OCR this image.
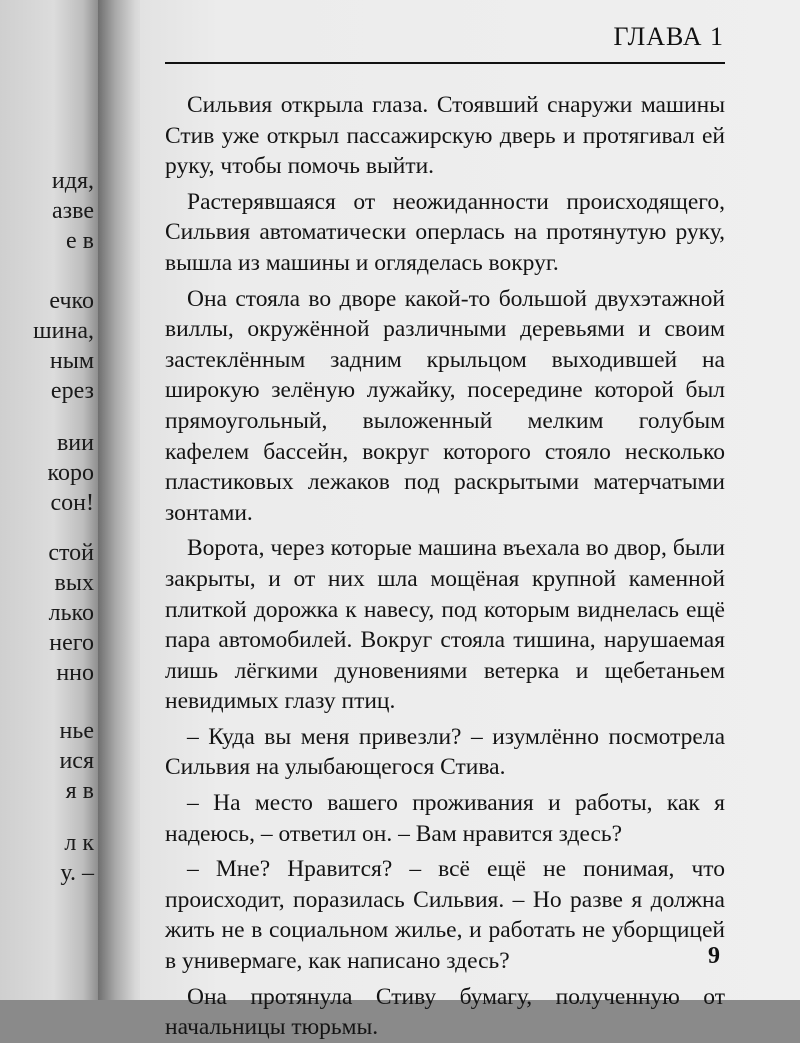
идя,
азве
е в
ечко
шина,
ным
ерез
вии
коро
сон!
стой
вых
лько
него
нно
нье
ися
я в
л к
у. –
ГЛАВА 1

Сильвия открыла глаза. Стоявший снаружи машины Стив уже открыл пассажирскую дверь и протягивал ей руку, чтобы помочь выйти.

Растерявшаяся от неожиданности происходящего, Сильвия автоматически оперлась на протянутую руку, вышла из машины и огляделась вокруг.

Она стояла во дворе какой-то большой двухэтажной виллы, окружённой различными деревьями и своим застеклённым задним крыльцом выходившей на широкую зелёную лужайку, посередине которой был прямоугольный, выложенный мелким голубым кафелем бассейн, вокруг которого стояло несколько пластиковых лежаков под раскрытыми матерчатыми зонтами.

Ворота, через которые машина въехала во двор, были закрыты, и от них шла мощёная крупной каменной плиткой дорожка к навесу, под которым виднелась ещё пара автомобилей. Вокруг стояла тишина, нарушаемая лишь лёгкими дуновениями ветерка и щебетаньем невидимых глазу птиц.

– Куда вы меня привезли? – изумлённо посмотрела Сильвия на улыбающегося Стива.

– На место вашего проживания и работы, как я надеюсь, – ответил он. – Вам нравится здесь?

– Мне? Нравится? – всё ещё не понимая, что происходит, поразилась Сильвия. – Но разве я должна жить не в социальном жилье, и работать не уборщицей в универмаге, как написано здесь?

Она протянула Стиву бумагу, полученную от начальницы тюрьмы.

9
